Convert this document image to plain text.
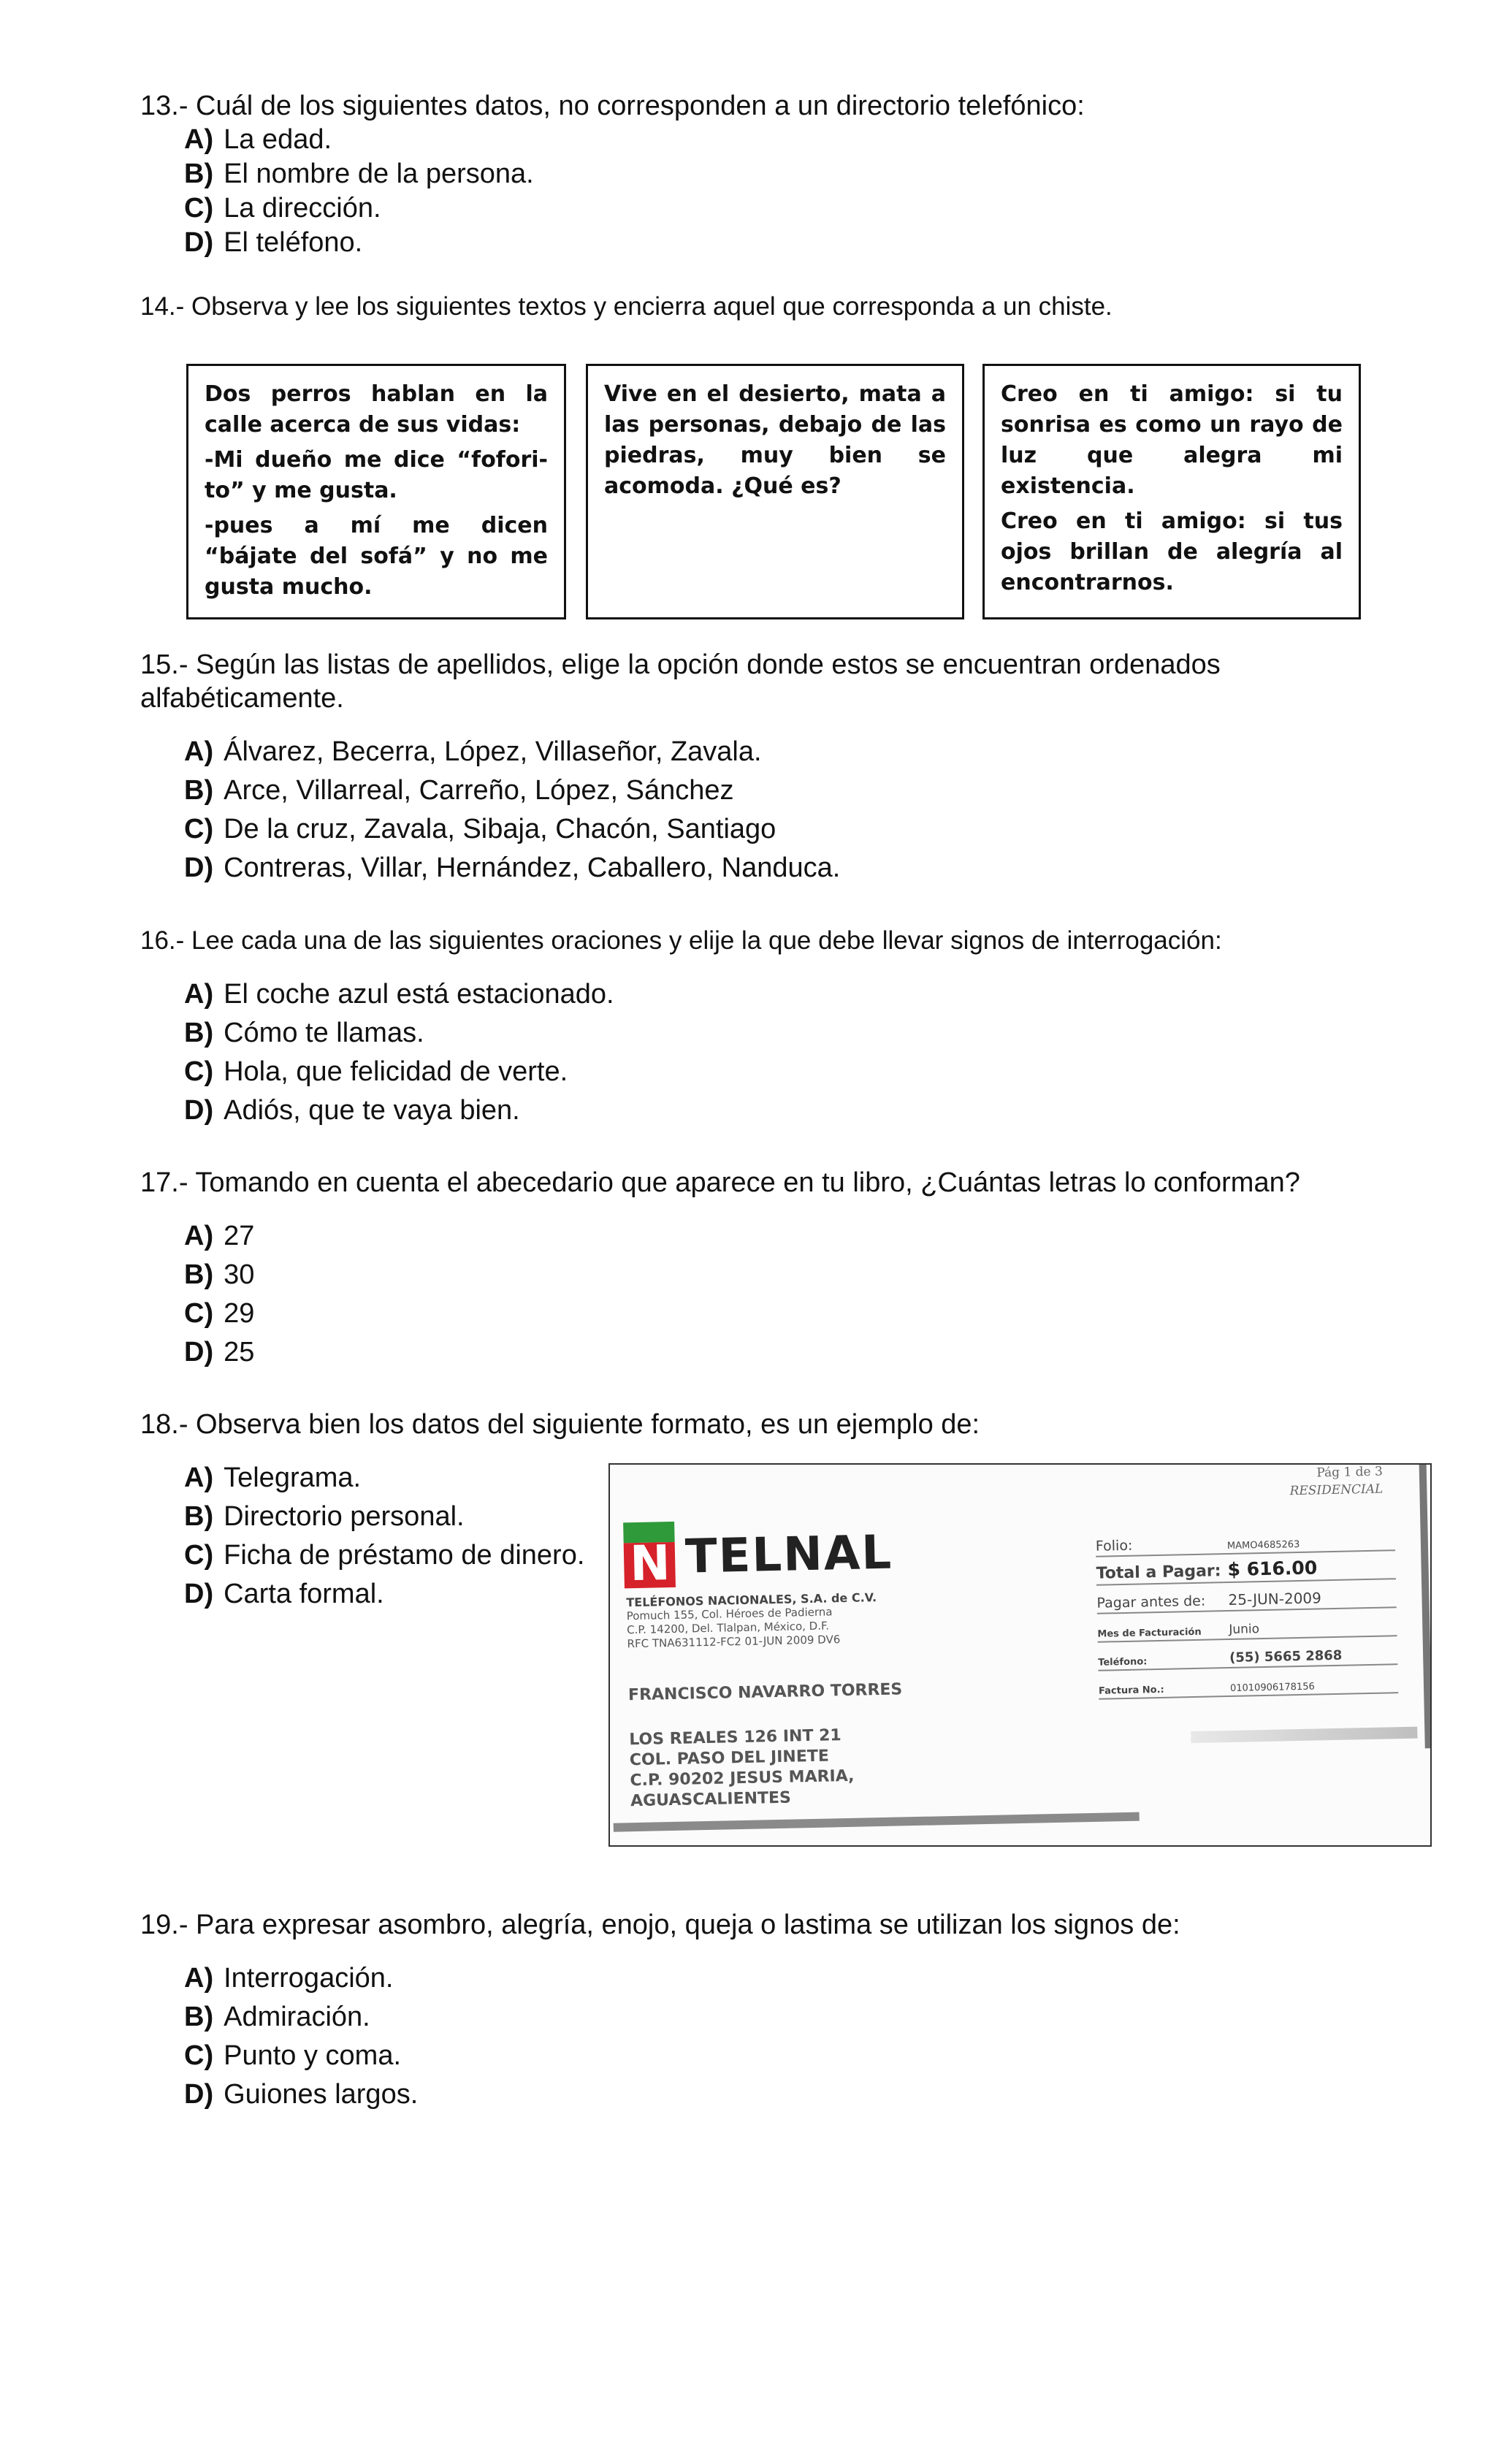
13.- Cuál de los siguientes datos, no corresponden a un directorio telefónico:

A) La edad.
B) El nombre de la persona.
C) La dirección.
D) El teléfono.

14.- Observa y lee los siguientes textos y encierra aquel que corresponda a un chiste.

Dos perros hablan en la calle acerca de sus vidas:

-Mi dueño me dice “foforito” y me gusta.

-pues a mí me dicen “bájate del sofá” y no me gusta mucho.

Vive en el desierto, mata a las personas, debajo de las piedras, muy bien se acomoda. ¿Qué es?

Creo en ti amigo: si tu sonrisa es como un rayo de luz que alegra mi existencia.

Creo en ti amigo: si tus ojos brillan de alegría al encontrarnos.

15.- Según las listas de apellidos, elige la opción donde estos se encuentran ordenados alfabéticamente.

A) Álvarez, Becerra, López, Villaseñor, Zavala.
B) Arce, Villarreal, Carreño, López, Sánchez
C) De la cruz, Zavala, Sibaja, Chacón, Santiago
D) Contreras, Villar, Hernández, Caballero, Nanduca.

16.- Lee cada una de las siguientes oraciones y elije la que debe llevar signos de interrogación:

A) El coche azul está estacionado.
B) Cómo te llamas.
C) Hola, que felicidad de verte.
D) Adiós, que te vaya bien.

17.- Tomando en cuenta el abecedario que aparece en tu libro, ¿Cuántas letras lo conforman?

A) 27
B) 30
C) 29
D) 25

18.- Observa bien los datos del siguiente formato, es un ejemplo de:

A) Telegrama.
B) Directorio personal.
C) Ficha de préstamo de dinero.
D) Carta formal.
Pág 1 de 3
RESIDENCIAL
N TELNAL
TELÉFONOS NACIONALES, S.A. de C.V.
Pomuch 155, Col. Héroes de Padierna
C.P. 14200, Del. Tlalpan, México, D.F.
RFC TNA631112-FC2 01-JUN 2009 DV6
FRANCISCO NAVARRO TORRES
LOS REALES 126 INT 21
COL. PASO DEL JINETE
C.P. 90202 JESUS MARIA,
AGUASCALIENTES
Folio:	MAMO4685263
Total a Pagar: $ 616.00
Pagar antes de: 25-JUN-2009
Mes de Facturación Junio
Teléfono:	(55) 5665 2868
Factura No.:	01010906178156

19.- Para expresar asombro, alegría, enojo, queja o lastima se utilizan los signos de:

A) Interrogación.
B) Admiración.
C) Punto y coma.
D) Guiones largos.
